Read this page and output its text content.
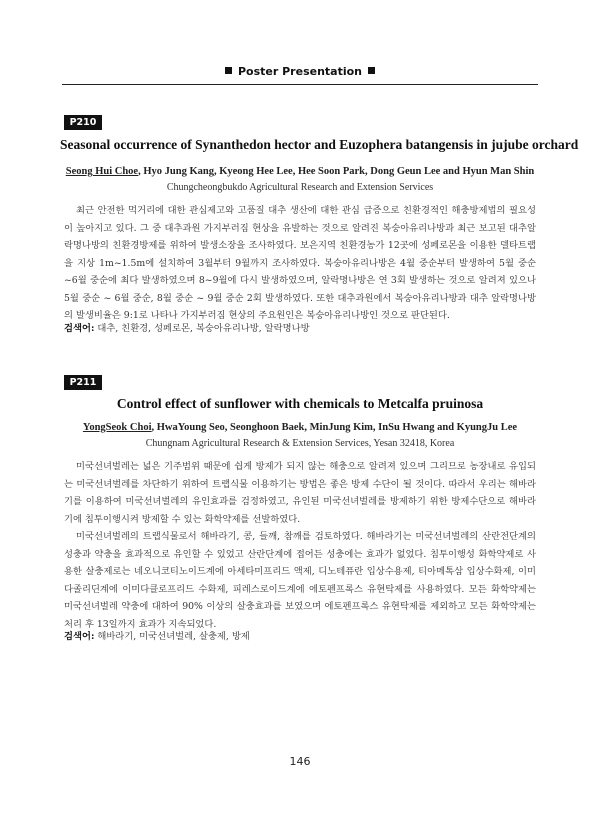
Poster Presentation
P210
Seasonal occurrence of Synanthedon hector and Euzophera batangensis in jujube orchard
Seong Hui Choe, Hyo Jung Kang, Kyeong Hee Lee, Hee Soon Park, Dong Geun Lee and Hyun Man Shin
Chungcheongbukdo Agricultural Research and Extension Services

최근 안전한 먹거리에 대한 관심제고와 고품질 대추 생산에 대한 관심 급증으로 친환경적인 해충방제법의 필요성이 높아지고 있다. 그 중 대추과원 가지부러짐 현상을 유발하는 것으로 알려진 복숭아유리나방과 최근 보고된 대추알락명나방의 친환경방제를 위하여 발생소장을 조사하였다. 보은지역 친환경농가 12곳에 성페로몬을 이용한 델타트랩을 지상 1m~1.5m에 설치하여 3월부터 9월까지 조사하였다. 복숭아유리나방은 4월 중순부터 발생하여 5월 중순~6월 중순에 최다 발생하였으며 8~9월에 다시 발생하였으며, 알락명나방은 연 3회 발생하는 것으로 알려져 있으나 5월 중순 ~ 6월 중순, 8월 중순 ~ 9월 중순 2회 발생하였다. 또한 대추과원에서 복숭아유리나방과 대추 알락명나방의 발생비율은 9:1로 나타나 가지부러짐 현상의 주요원인은 복숭아유리나방인 것으로 판단된다.

검색어: 대추, 친환경, 성페로몬, 복숭아유리나방, 알락명나방
P211
Control effect of sunflower with chemicals to Metcalfa pruinosa
YongSeok Choi, HwaYoung Seo, Seonghoon Baek, MinJung Kim, InSu Hwang and KyungJu Lee
Chungnam Agricultural Research & Extension Services, Yesan 32418, Korea

미국선녀벌레는 넓은 기주범위 때문에 쉽게 방제가 되지 않는 해충으로 알려져 있으며 그리므로 농장내로 유입되는 미국선녀벌레를 차단하기 위하여 트랩식물 이용하기는 방법은 좋은 방제 수단이 될 것이다. 따라서 우리는 해바라기를 이용하여 미국선녀벌레의 유인효과를 검정하였고, 유인된 미국선녀벌레를 방제하기 위한 방제수단으로 해바라기에 침투이행시켜 방제할 수 있는 화학약제를 선발하였다.

미국선녀벌레의 트랩식물로서 해바라기, 콩, 들깨, 참깨를 검토하였다. 해바라기는 미국선녀벌레의 산란전단계의 성충과 약충을 효과적으로 유인할 수 있었고 산란단계에 접어든 성충에는 효과가 없었다. 침투이행성 화학약제로 사용한 살충제로는 네오니코티노이드계에 아세타미프리드 액제, 디노테퓨란 입상수용제, 티아메톡삼 입상수화제, 이미다졸리딘계에 이미다클로프리드 수화제, 피레스로이드계에 에토펜프록스 유현탁제를 사용하였다. 모든 화학약제는 미국선녀벌레 약충에 대하여 90% 이상의 살충효과를 보였으며 에토펜프록스 유현탁제를 제외하고 모든 화학약제는 처리 후 13일까지 효과가 지속되었다.

검색어: 해바라기, 미국선녀벌레, 살충제, 방제
146
